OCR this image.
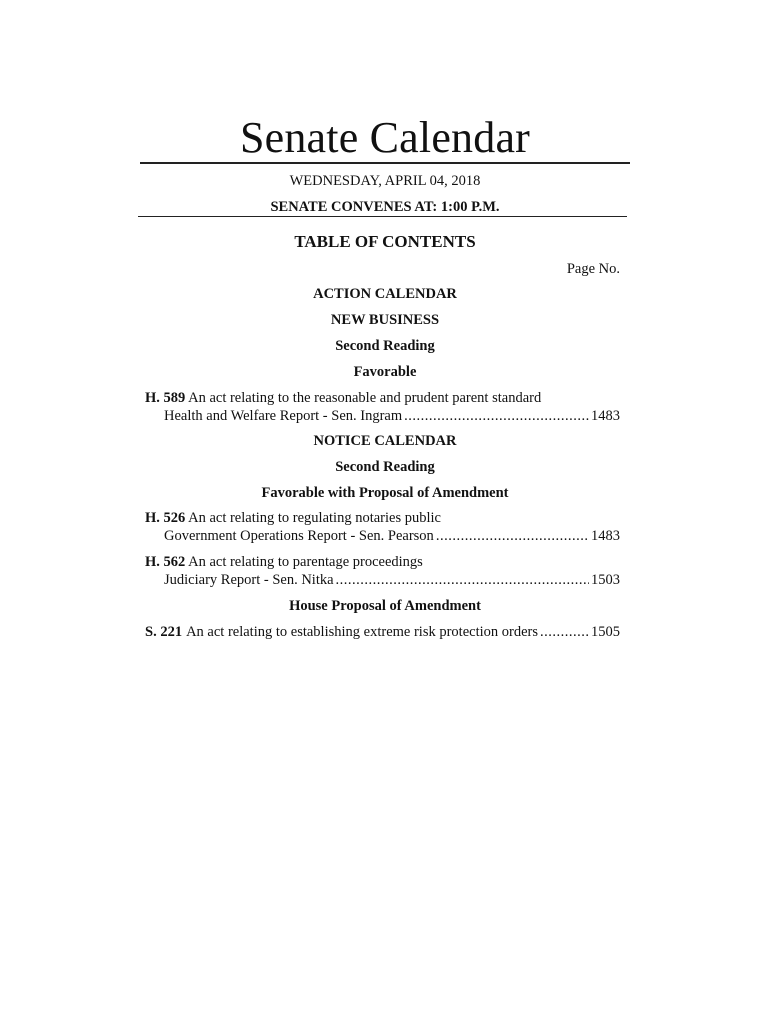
Senate Calendar
WEDNESDAY, APRIL 04, 2018
SENATE CONVENES AT: 1:00 P.M.
TABLE OF CONTENTS
Page No.
ACTION CALENDAR
NEW BUSINESS
Second Reading
Favorable
H. 589 An act relating to the reasonable and prudent parent standard
Health and Welfare Report - Sen. Ingram .....	1483
NOTICE CALENDAR
Second Reading
Favorable with Proposal of Amendment
H. 526 An act relating to regulating notaries public
Government Operations Report - Sen. Pearson .....	1483
H. 562 An act relating to parentage proceedings
Judiciary Report - Sen. Nitka .....	1503
House Proposal of Amendment
S. 221 An act relating to establishing extreme risk protection orders .....	1505
